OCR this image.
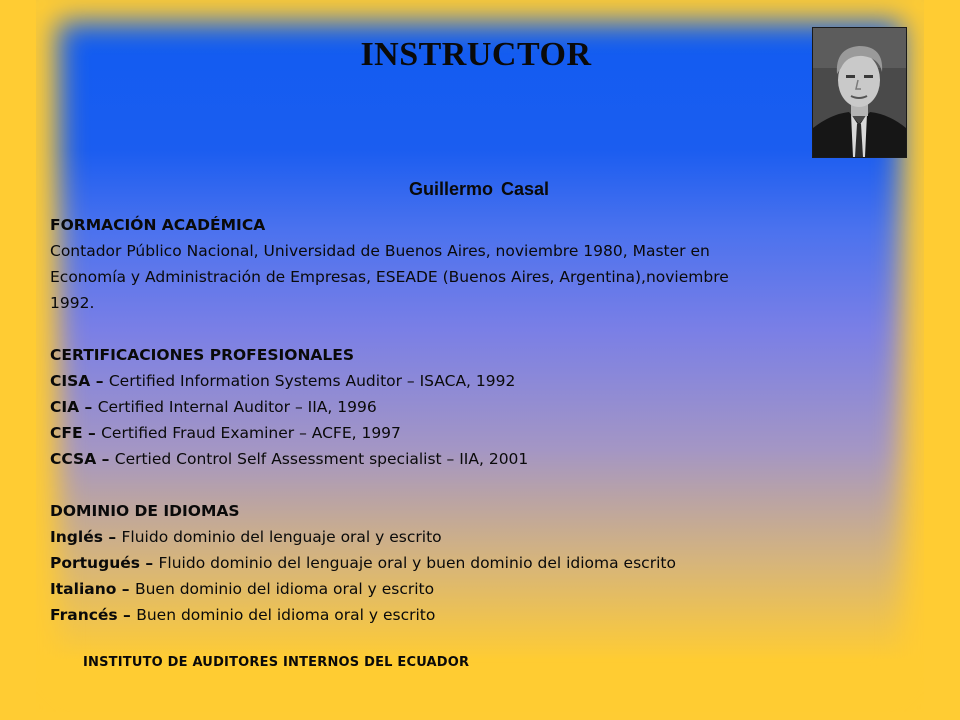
INSTRUCTOR
Guillermo Casal
FORMACIÓN ACADÉMICA
Contador Público Nacional, Universidad de Buenos Aires, noviembre 1980, Master en
Economía y Administración de Empresas, ESEADE (Buenos Aires, Argentina),noviembre
1992.
CERTIFICACIONES PROFESIONALES
CISA – Certified Information Systems Auditor – ISACA, 1992
CIA – Certified Internal Auditor – IIA, 1996
CFE – Certified Fraud Examiner – ACFE, 1997
CCSA – Certied Control Self Assessment specialist – IIA, 2001
DOMINIO DE IDIOMAS
Inglés – Fluido dominio del lenguaje oral y escrito
Portugués – Fluido dominio del lenguaje oral y buen dominio del idioma escrito
Italiano – Buen dominio del idioma oral y escrito
Francés – Buen dominio del idioma oral y escrito
INSTITUTO DE AUDITORES INTERNOS DEL ECUADOR
